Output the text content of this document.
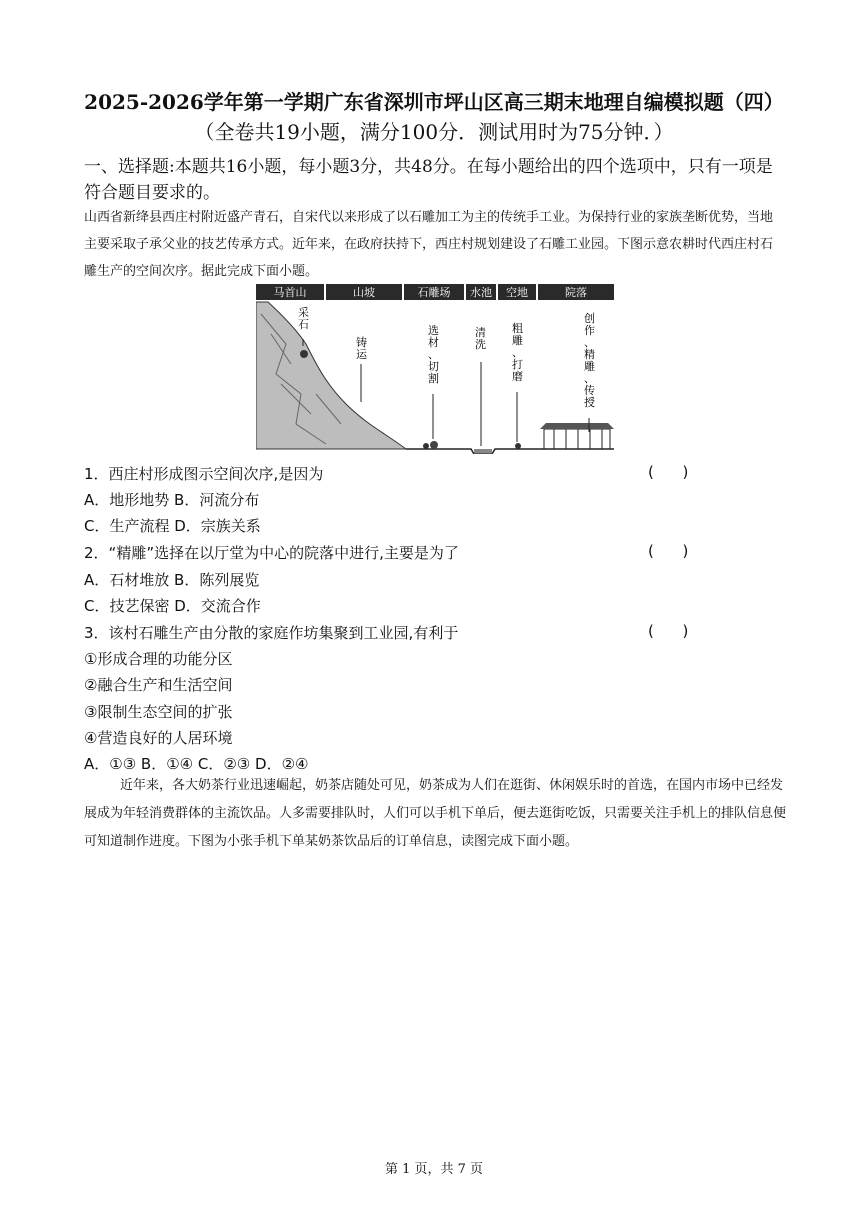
2025-2026学年第一学期广东省深圳市坪山区高三期末地理自编模拟题（四）
（全卷共19小题，满分100分．测试用时为75分钟．）
一、选择题:本题共16小题，每小题3分，共48分。在每小题给出的四个选项中，只有一项是符合题目要求的。
山西省新绛县西庄村附近盛产青石，自宋代以来形成了以石雕加工为主的传统手工业。为保持行业的家族垄断优势，当地主要采取子承父业的技艺传承方式。近年来，在政府扶持下，西庄村规划建设了石雕工业园。下图示意农耕时代西庄村石雕生产的空间次序。据此完成下面小题。
马首山	山坡	石雕场 水池 空地	院落
采石
铸运
选材、切割
清洗
粗雕、打磨
创作、精雕、传授
1．西庄村形成图示空间次序,是因为	(      )
A．地形地势 B．河流分布
C．生产流程 D．宗族关系
2．“精雕”选择在以厅堂为中心的院落中进行,主要是为了	(      )
A．石材堆放 B．陈列展览
C．技艺保密 D．交流合作
3．该村石雕生产由分散的家庭作坊集聚到工业园,有利于	(      )
①形成合理的功能分区
②融合生产和生活空间
③限制生态空间的扩张
④营造良好的人居环境
A．①③ B．①④ C．②③ D．②④
近年来，各大奶茶行业迅速崛起，奶茶店随处可见，奶茶成为人们在逛街、休闲娱乐时的首选，在国内市场中已经发展成为年轻消费群体的主流饮品。人多需要排队时，人们可以手机下单后，便去逛街吃饭，只需要关注手机上的排队信息便可知道制作进度。下图为小张手机下单某奶茶饮品后的订单信息，读图完成下面小题。
第 1 页，共 7 页
